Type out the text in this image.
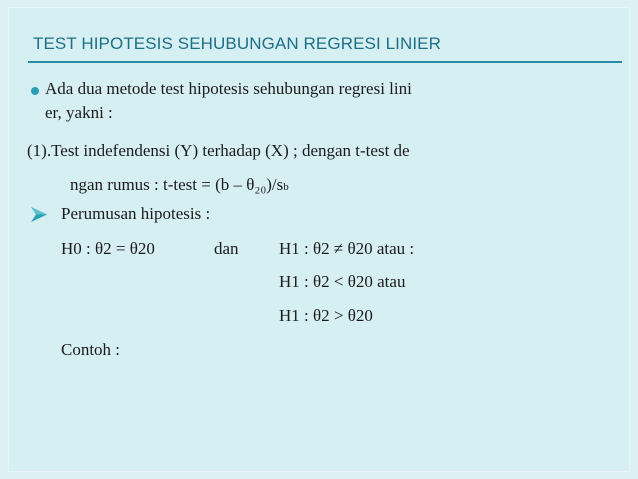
TEST HIPOTESIS SEHUBUNGAN REGRESI LINIER
Ada dua metode test hipotesis sehubungan regresi lini
er, yakni :
(1).Test indefendensi (Y) terhadap (X) ; dengan t-test de
ngan rumus : t-test = (b – θ₂₀)/sb
Perumusan hipotesis :
H0 : θ2 = θ20	dan H1 : θ2 ≠ θ20 atau :
H1 : θ2 < θ20 atau
H1 : θ2 > θ20
Contoh :
